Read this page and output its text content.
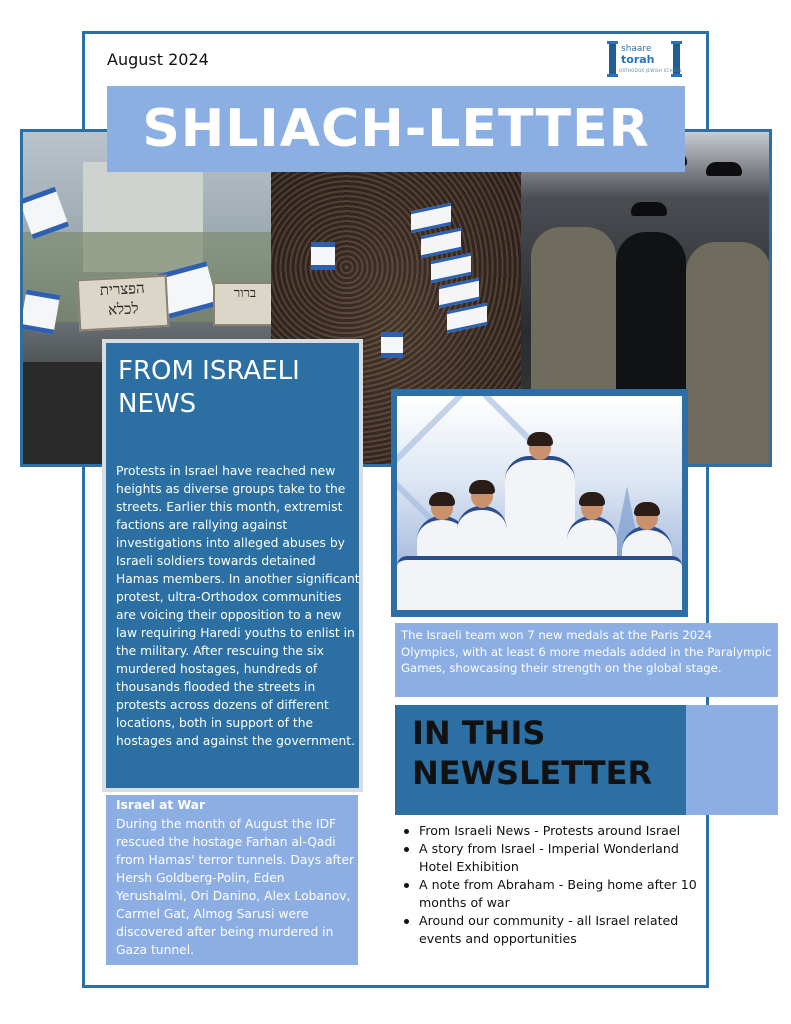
August 2024
shaare
torah
ORTHODOX JEWISH SCHOOL
הפצרית
לכלא
ברור
SHLIACH-LETTER
FROM ISRAELI NEWS
Protests in Israel have reached new heights as diverse groups take to the streets. Earlier this month, extremist factions are rallying against investigations into alleged abuses by Israeli soldiers towards detained Hamas members. In another significant protest, ultra-Orthodox communities are voicing their opposition to a new law requiring Haredi youths to enlist in the military. After rescuing the six murdered hostages, hundreds of thousands flooded the streets in protests across dozens of different locations, both in support of the hostages and against the government.
Israel at War
During the month of August the IDF rescued the hostage Farhan al-Qadi from Hamas' terror tunnels. Days after Hersh Goldberg-Polin, Eden Yerushalmi, Ori Danino, Alex Lobanov, Carmel Gat, Almog Sarusi were discovered after being murdered in Gaza tunnel.
The Israeli team won 7 new medals at the Paris 2024 Olympics, with at least 6 more medals added in the Paralympic Games, showcasing their strength on the global stage.
IN THIS NEWSLETTER
From Israeli News - Protests around Israel
A story from Israel - Imperial Wonderland Hotel Exhibition
A note from Abraham - Being home after 10 months of war
Around our community - all Israel related events and opportunities
